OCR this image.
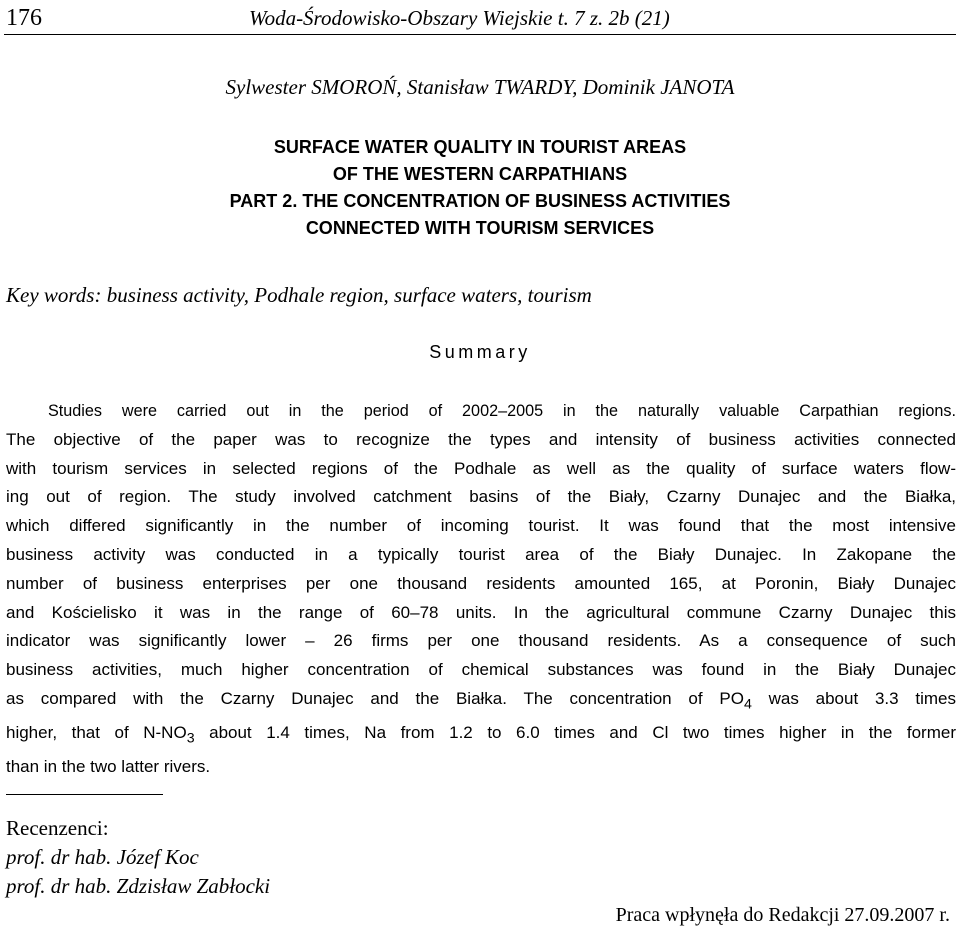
176	Woda-Środowisko-Obszary Wiejskie t. 7 z. 2b (21)
Sylwester SMOROŃ, Stanisław TWARDY, Dominik JANOTA
SURFACE WATER QUALITY IN TOURIST AREAS
OF THE WESTERN CARPATHIANS
PART 2. THE CONCENTRATION OF BUSINESS ACTIVITIES
CONNECTED WITH TOURISM SERVICES
Key words: business activity, Podhale region, surface waters, tourism
Summary
Studies were carried out in the period of 2002–2005 in the naturally valuable Carpathian regions.
The objective of the paper was to recognize the types and intensity of business activities connected
with tourism services in selected regions of the Podhale as well as the quality of surface waters flow-
ing out of region. The study involved catchment basins of the Biały, Czarny Dunajec and the Białka,
which differed significantly in the number of incoming tourist. It was found that the most intensive
business activity was conducted in a typically tourist area of the Biały Dunajec. In Zakopane the
number of business enterprises per one thousand residents amounted 165, at Poronin, Biały Dunajec
and Kościelisko it was in the range of 60–78 units. In the agricultural commune Czarny Dunajec this
indicator was significantly lower – 26 firms per one thousand residents. As a consequence of such
business activities, much higher concentration of chemical substances was found in the Biały Dunajec
as compared with the Czarny Dunajec and the Białka. The concentration of $PO_4$ was about 3.3 times
higher, that of $N-NO_3$ about 1.4 times, Na from 1.2 to 6.0 times and Cl two times higher in the former
than in the two latter rivers.
Recenzenci:
prof. dr hab. Józef Koc
prof. dr hab. Zdzisław Zabłocki
Praca wpłynęła do Redakcji 27.09.2007 r.
